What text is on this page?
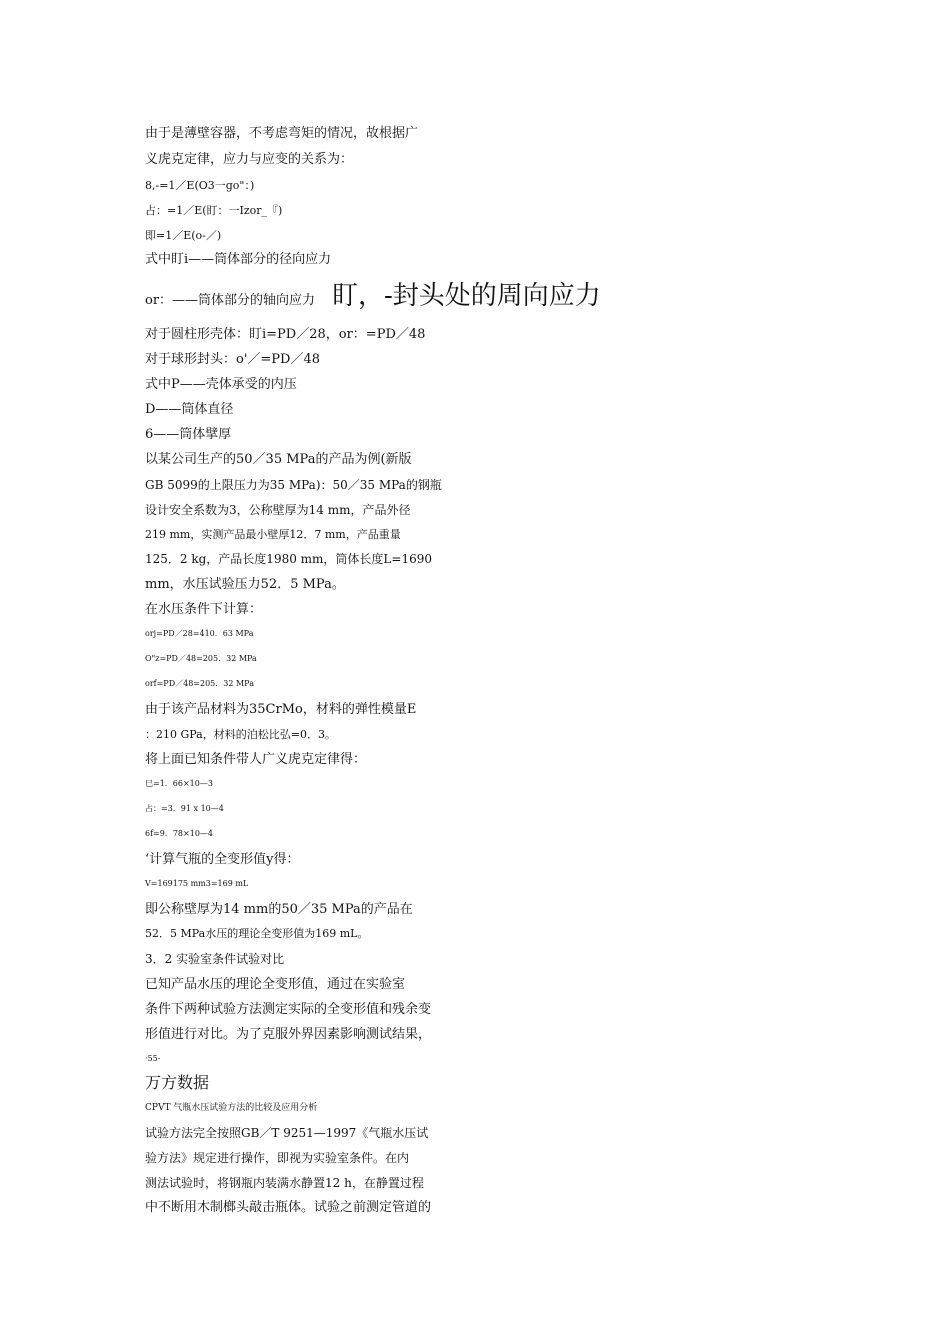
由于是薄壁容器，不考虑弯矩的情况，故根据广
义虎克定律，应力与应变的关系为：
8,-=1／E(O3一go"：)
占：=1／E(盯：一Izor_『)
即=1／E(o-／)
式中盯i——筒体部分的径向应力
or：——筒体部分的轴向应力 盯，-封头处的周向应力
对于圆柱形壳体：盯i=PD／28，or：=PD／48
对于球形封头：o'／=PD／48
式中P——壳体承受的内压
D——筒体直径
6——筒体擘厚
以某公司生产的50／35 MPa的产品为例(新版
GB 5099的上限压力为35 MPa)：50／35 MPa的钢瓶
设计安全系数为3，公称壁厚为14 mm，产品外径
219 mm，实测产品最小壁厚12．7 mm，产品重量
125．2 kg，产品长度1980 mm，筒体长度L=1690
mm，水压试验压力52．5 MPa。
在水压条件下计算：
orj=PD／28=410．63 MPa
O"z=PD／48=205．32 MPa
orf=PD／48=205．32 MPa
由于该产品材料为35CrMo，材料的弹性模量E
：210 GPa，材料的泊松比弘=0．3。
将上面已知条件带人广义虎克定律得：
巳=1．66×10—3
占：=3．91 x 10—4
6f=9．78×10—4
‘计算气瓶的全变形值y得：
V=169175 mm3=169 mL
即公称壁厚为14 mm的50／35 MPa的产品在
52．5 MPa水压的理论全变形值为169 mL。
3．2 实验室条件试验对比
已知产品水压的理论全变形值，通过在实验室
条件下两种试验方法测定实际的全变形值和残余变
形值进行对比。为了克服外界因素影响测试结果，
·55-
万方数据
CPVT 气瓶水压试验方法的比较及应用分析
试验方法完全按照GB／T 9251—1997《气瓶水压试
验方法》规定进行操作，即视为实验室条件。在内
测法试验时，将钢瓶内装满水静置12 h，在静置过程
中不断用木制榔头敲击瓶体。试验之前测定管道的
